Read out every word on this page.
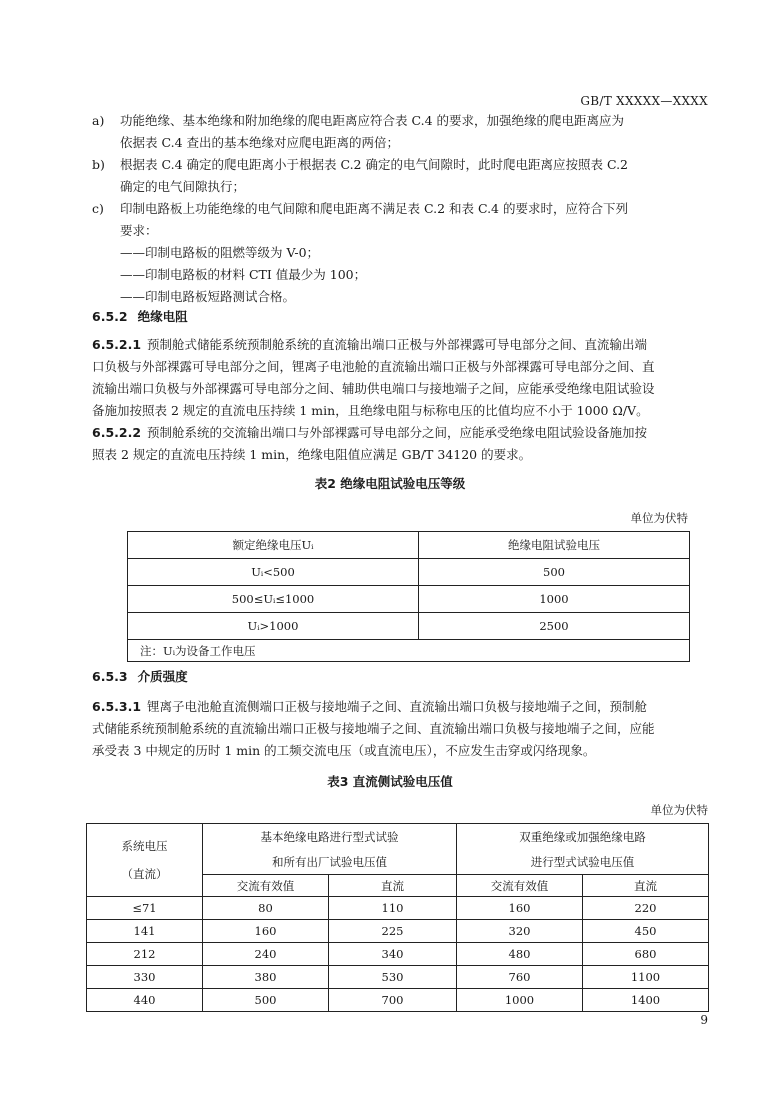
GB/T XXXXX—XXXX
a) 功能绝缘、基本绝缘和附加绝缘的爬电距离应符合表 C.4 的要求，加强绝缘的爬电距离应为
依据表 C.4 查出的基本绝缘对应爬电距离的两倍；
b) 根据表 C.4 确定的爬电距离小于根据表 C.2 确定的电气间隙时，此时爬电距离应按照表 C.2
确定的电气间隙执行；
c) 印制电路板上功能绝缘的电气间隙和爬电距离不满足表 C.2 和表 C.4 的要求时，应符合下列
要求：
——印制电路板的阻燃等级为 V-0；
——印制电路板的材料 CTI 值最少为 100；
——印制电路板短路测试合格。
6.5.2 绝缘电阻
6.5.2.1 预制舱式储能系统预制舱系统的直流输出端口正极与外部裸露可导电部分之间、直流输出端
口负极与外部裸露可导电部分之间，锂离子电池舱的直流输出端口正极与外部裸露可导电部分之间、直
流输出端口负极与外部裸露可导电部分之间、辅助供电端口与接地端子之间，应能承受绝缘电阻试验设
备施加按照表 2 规定的直流电压持续 1 min，且绝缘电阻与标称电压的比值均应不小于 1000 Ω/V。
6.5.2.2 预制舱系统的交流输出端口与外部裸露可导电部分之间，应能承受绝缘电阻试验设备施加按
照表 2 规定的直流电压持续 1 min，绝缘电阻值应满足 GB/T 34120 的要求。
表2 绝缘电阻试验电压等级
单位为伏特
额定绝缘电压Uᵢ	绝缘电阻试验电压
Uᵢ<500	500
500≤Uᵢ≤1000	1000
Uᵢ>1000	2500
注：Uᵢ为设备工作电压	
6.5.3 介质强度
6.5.3.1 锂离子电池舱直流侧端口正极与接地端子之间、直流输出端口负极与接地端子之间，预制舱
式储能系统预制舱系统的直流输出端口正极与接地端子之间、直流输出端口负极与接地端子之间，应能
承受表 3 中规定的历时 1 min 的工频交流电压（或直流电压），不应发生击穿或闪络现象。
表3 直流侧试验电压值
单位为伏特
系统电压
（直流）	基本绝缘电路进行型式试验		双重绝缘或加强绝缘电路	
	和所有出厂试验电压值		进行型式试验电压值	
	交流有效值	直流	交流有效值	直流
≤71	80	110	160	220
141	160	225	320	450
212	240	340	480	680
330	380	530	760	1100
440	500	700	1000	1400
9
